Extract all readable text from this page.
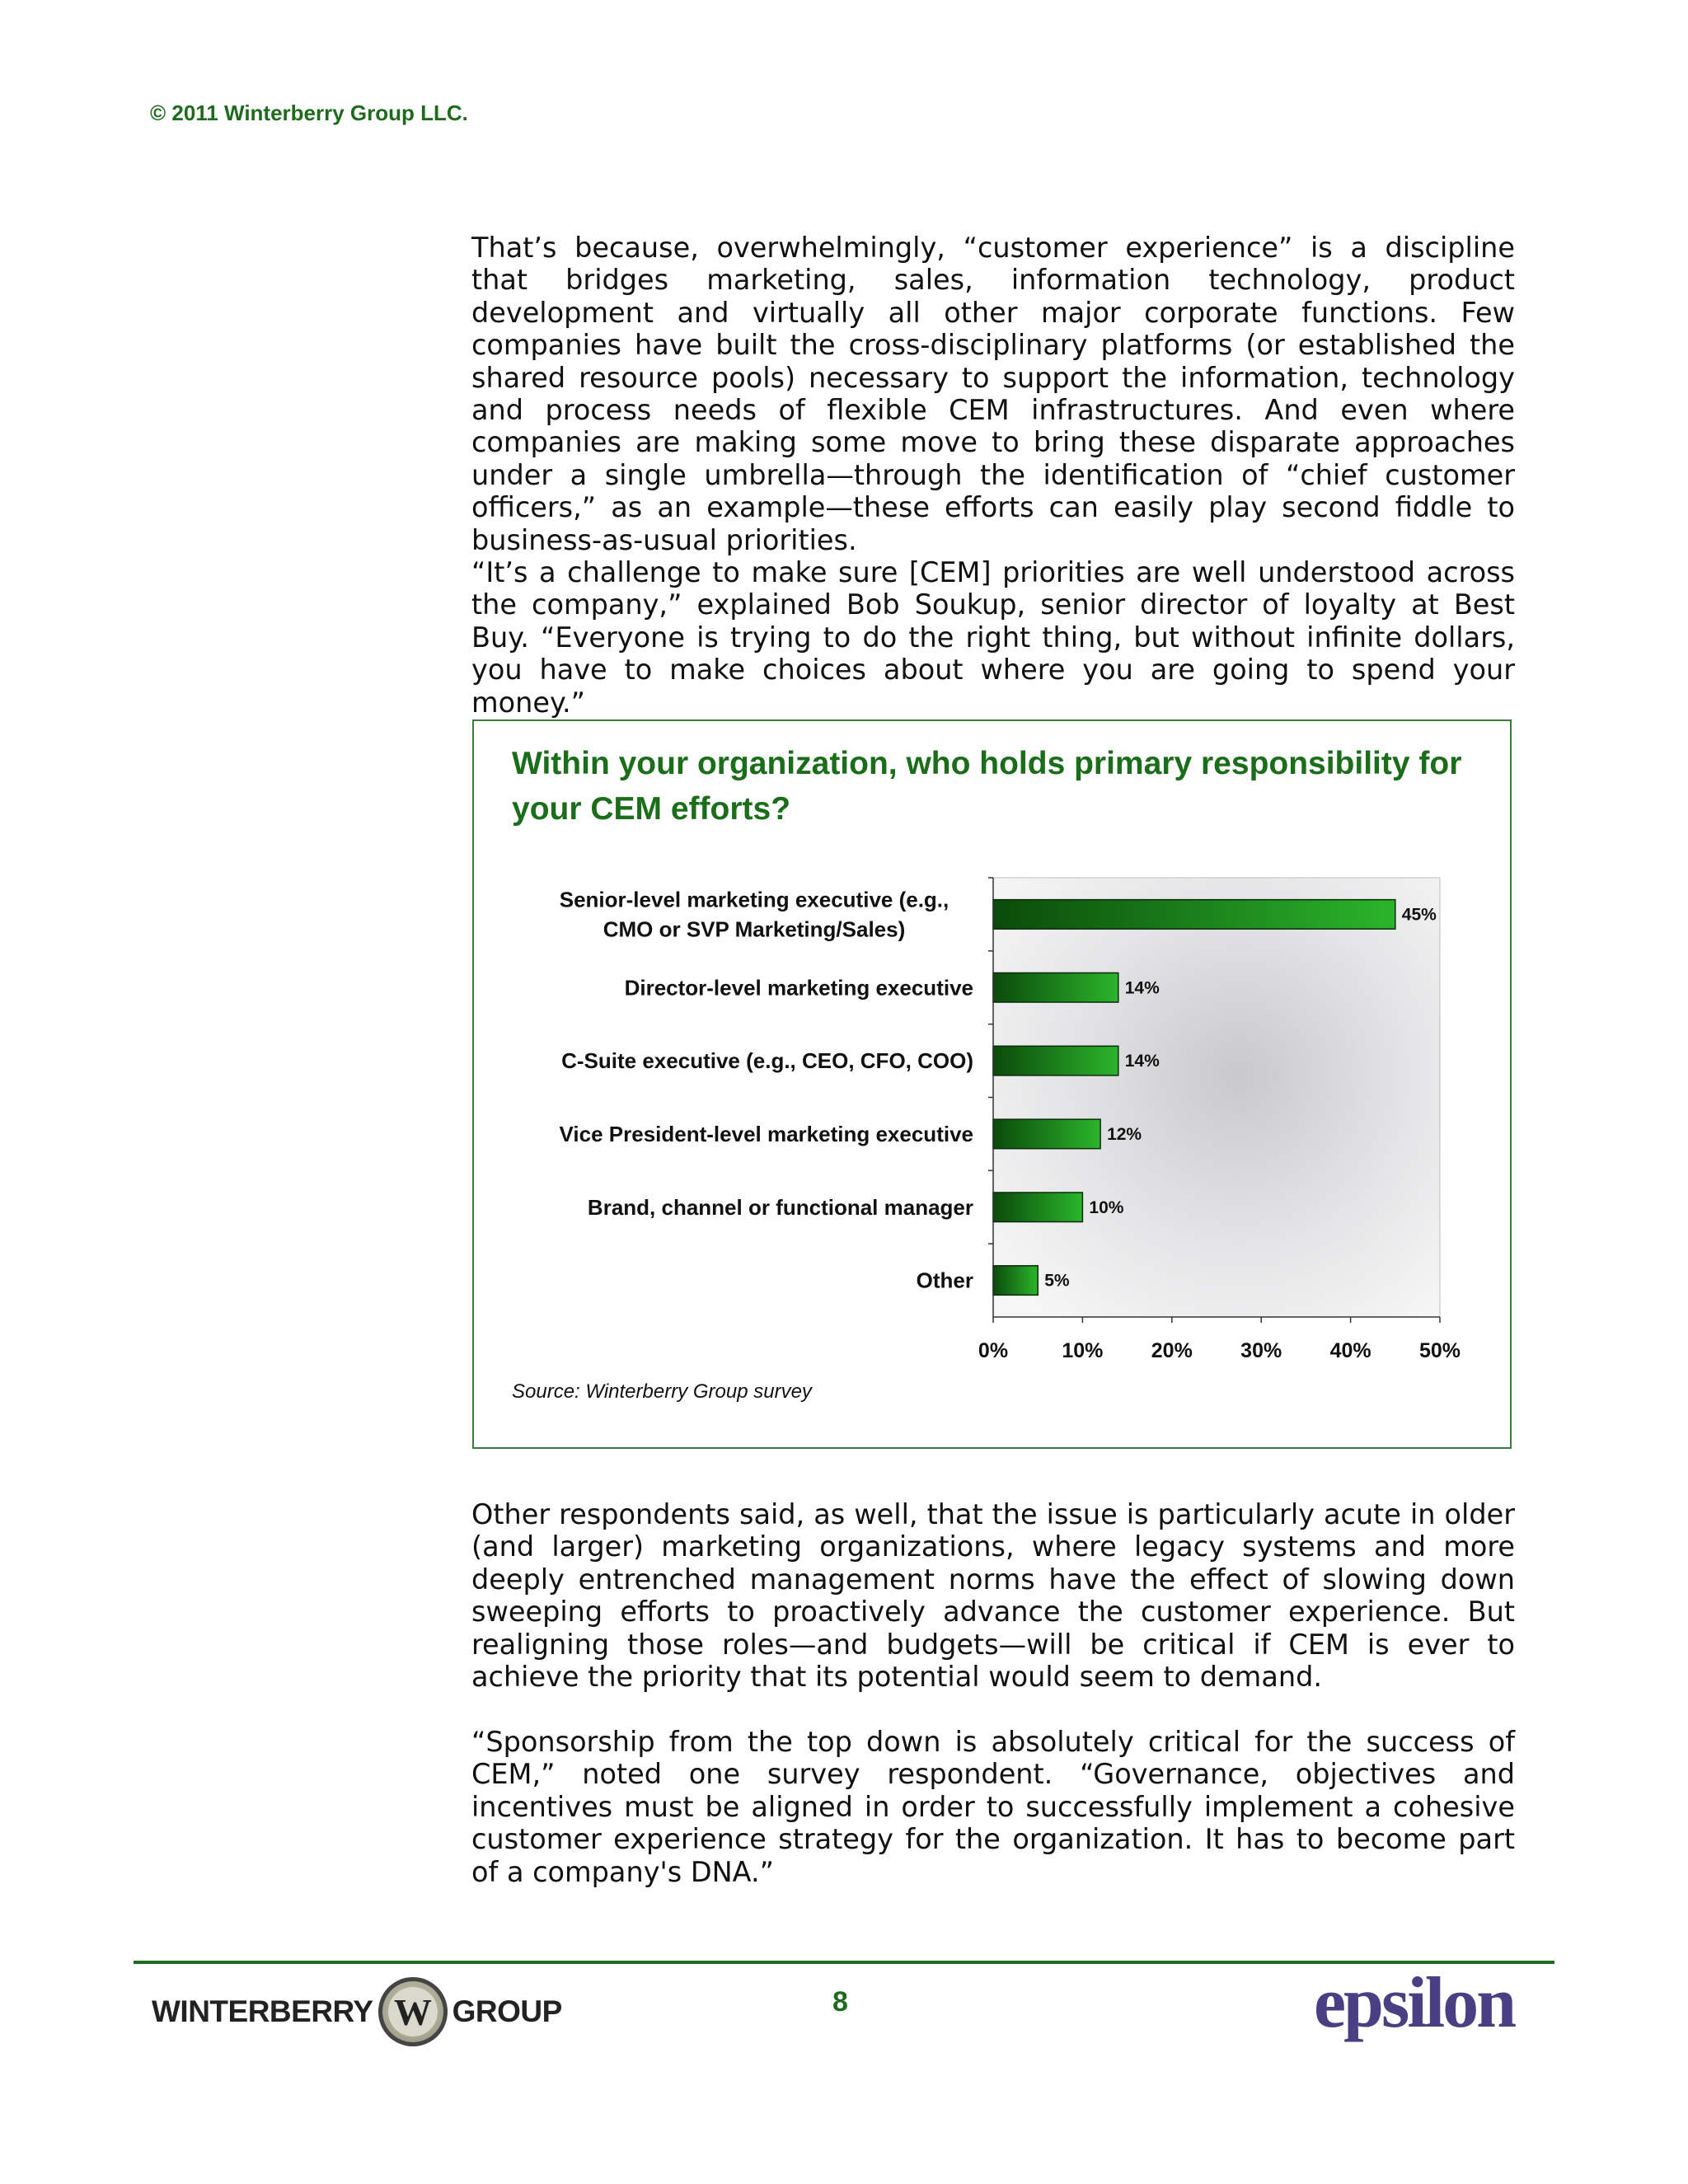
© 2011 Winterberry Group LLC.

That’s because, overwhelmingly, “customer experience” is a discipline that bridges marketing, sales, information technology, product development and virtually all other major corporate functions. Few companies have built the cross-disciplinary platforms (or established the shared resource pools) necessary to support the information, technology and process needs of flexible CEM infrastructures. And even where companies are making some move to bring these disparate approaches under a single umbrella—through the identification of “chief customer officers,” as an example—these efforts can easily play second fiddle to business-as-usual priorities.

“It’s a challenge to make sure [CEM] priorities are well understood across the company,” explained Bob Soukup, senior director of loyalty at Best Buy. “Everyone is trying to do the right thing, but without infinite dollars, you have to make choices about where you are going to spend your money.”

Within your organization, who holds primary responsibility for your CEM efforts?
45%
Senior-level marketing executive (e.g.,
CMO or SVP Marketing/Sales)
14%
Director-level marketing executive
14%
C-Suite executive (e.g., CEO, CFO, COO)
12%
Vice President-level marketing executive
10%
Brand, channel or functional manager
5%
Other
0%	10% 20% 30% 40% 50%
Source: Winterberry Group survey

Other respondents said, as well, that the issue is particularly acute in older (and larger) marketing organizations, where legacy systems and more deeply entrenched management norms have the effect of slowing down sweeping efforts to proactively advance the customer experience. But realigning those roles—and budgets—will be critical if CEM is ever to achieve the priority that its potential would seem to demand.

“Sponsorship from the top down is absolutely critical for the success of CEM,” noted one survey respondent. “Governance, objectives and incentives must be aligned in order to successfully implement a cohesive customer experience strategy for the organization. It has to become part of a company's DNA.”

WINTERBERRY W GROUP	8	epsilon
